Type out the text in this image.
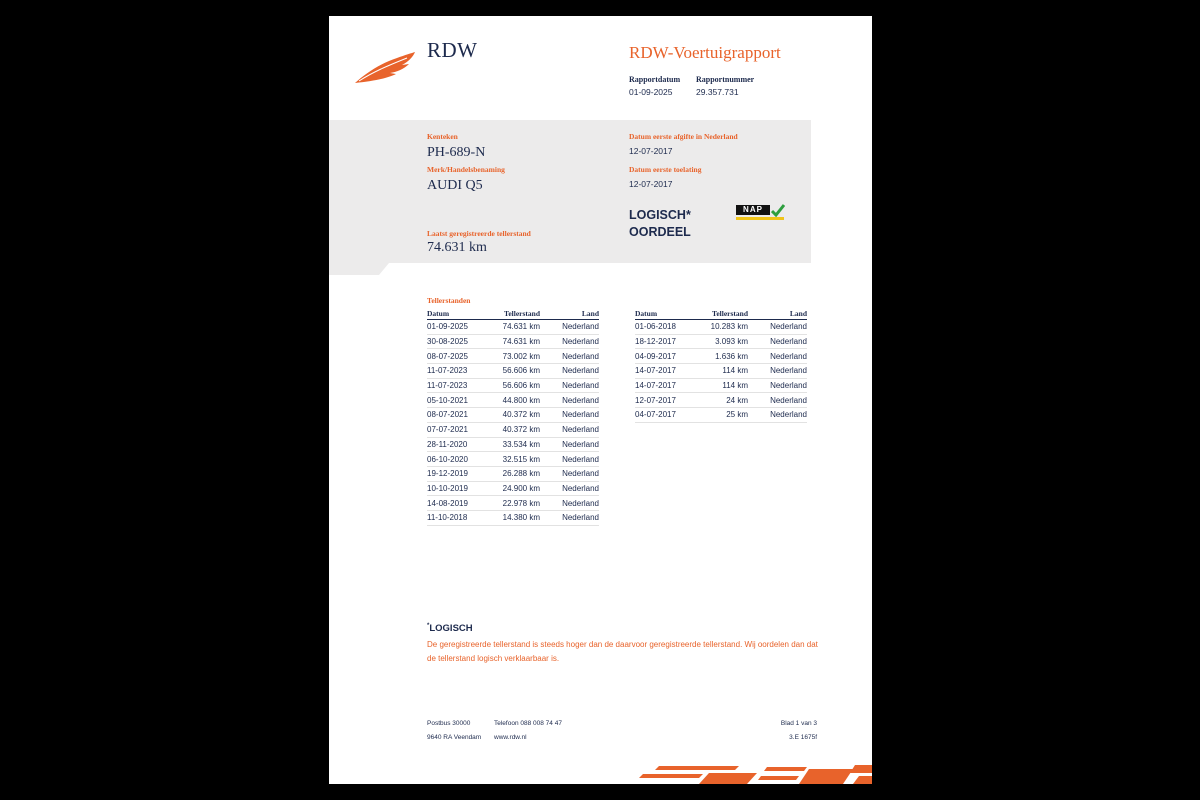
RDW	RDW-Voertuigrapport
Rapportdatum
01-09-2025
Rapportnummer
29.357.731
Kenteken
PH-689-N
Merk/Handelsbenaming
AUDI Q5
Laatst geregistreerde tellerstand
74.631 km
Datum eerste afgifte in Nederland
12-07-2017
Datum eerste toelating
12-07-2017
LOGISCH*
OORDEEL
NAP
Tellerstanden
Datum	Tellerstand	Land
01-09-2025	74.631 km	Nederland
30-08-2025	74.631 km	Nederland
08-07-2025	73.002 km	Nederland
11-07-2023	56.606 km	Nederland
11-07-2023	56.606 km	Nederland
05-10-2021	44.800 km	Nederland
08-07-2021	40.372 km	Nederland
07-07-2021	40.372 km	Nederland
28-11-2020	33.534 km	Nederland
06-10-2020	32.515 km	Nederland
19-12-2019	26.288 km	Nederland
10-10-2019	24.900 km	Nederland
14-08-2019	22.978 km	Nederland
11-10-2018	14.380 km	Nederland
Datum	Tellerstand	Land
01-06-2018	10.283 km	Nederland
18-12-2017	3.093 km	Nederland
04-09-2017	1.636 km	Nederland
14-07-2017	114 km	Nederland
14-07-2017	114 km	Nederland
12-07-2017	24 km	Nederland
04-07-2017	25 km	Nederland
*LOGISCH
De geregistreerde tellerstand is steeds hoger dan de daarvoor geregistreerde tellerstand. Wij oordelen dan dat de tellerstand logisch verklaarbaar is.
Postbus 30000
9640 RA Veendam
Telefoon 088 008 74 47
www.rdw.nl
Blad 1 van 3
3.E 1675f
